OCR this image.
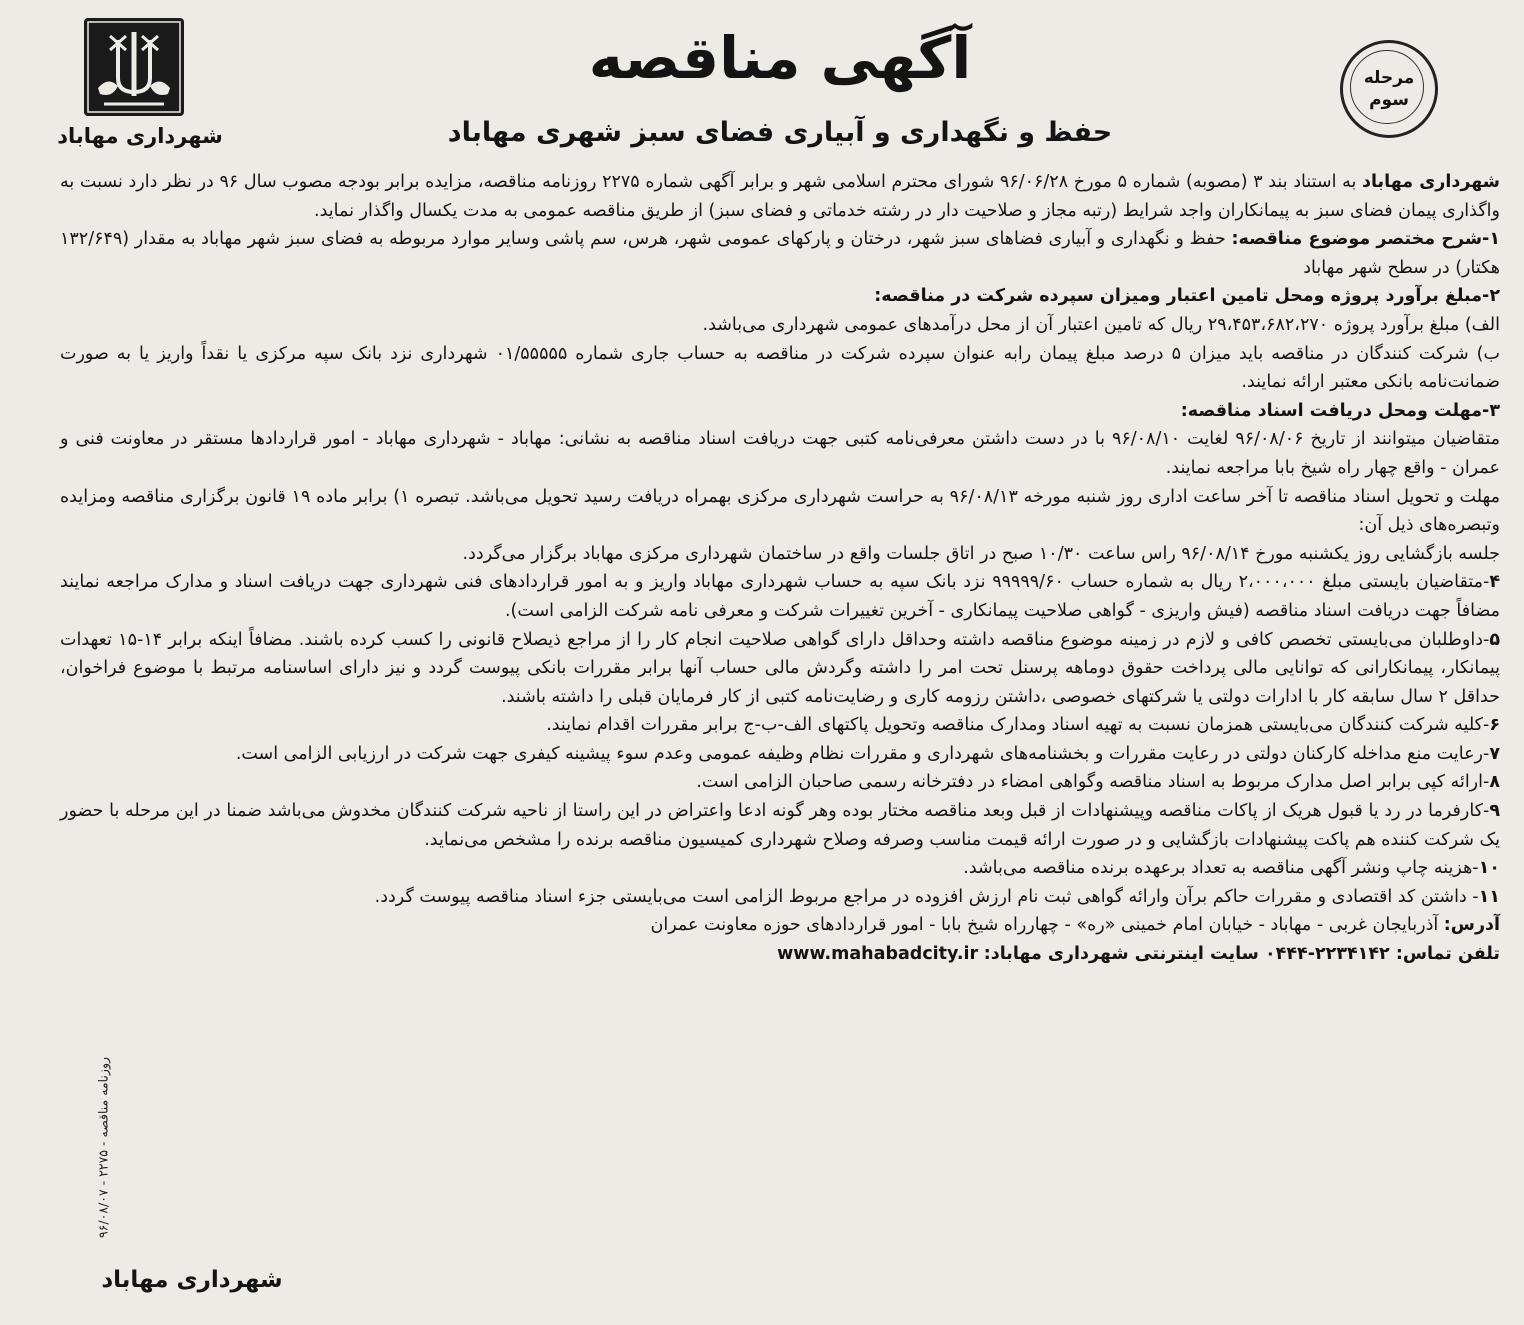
شهرداری مهاباد
مرحله
سوم
آگهی مناقصه
حفظ و نگهداری و آبیاری فضای سبز شهری مهاباد

شهرداری مهاباد به استناد بند ۳ (مصوبه) شماره ۵ مورخ ۹۶/۰۶/۲۸ شورای محترم اسلامی شهر و برابر آگهی شماره ۲۲۷۵ روزنامه مناقصه، مزایده برابر بودجه مصوب سال ۹۶ در نظر دارد نسبت به واگذاری پیمان فضای سبز به پیمانکاران واجد شرایط (رتبه مجاز و صلاحیت دار در رشته خدماتی و فضای سبز) از طریق مناقصه عمومی به مدت یکسال واگذار نماید.

۱-شرح مختصر موضوع مناقصه: حفظ و نگهداری و آبیاری فضاهای سبز شهر، درختان و پارکهای عمومی شهر، هرس، سم پاشی وسایر موارد مربوطه به فضای سبز شهر مهاباد به مقدار (۱۳۲/۶۴۹ هکتار) در سطح شهر مهاباد

۲-مبلغ برآورد پروژه ومحل تامین اعتبار ومیزان سپرده شرکت در مناقصه:

الف) مبلغ برآورد پروژه ۲۹،۴۵۳،۶۸۲،۲۷۰ ریال که تامین اعتبار آن از محل درآمدهای عمومی شهرداری می‌باشد.

ب) شرکت کنندگان در مناقصه باید میزان ۵ درصد مبلغ پیمان رابه عنوان سپرده شرکت در مناقصه به حساب جاری شماره ۰۱/۵۵۵۵۵ شهرداری نزد بانک سپه مرکزی یا نقداً واریز یا به صورت ضمانت‌نامه بانکی معتبر ارائه نمایند.

۳-مهلت ومحل دریافت اسناد مناقصه:

متقاضیان میتوانند از تاریخ ۹۶/۰۸/۰۶ لغایت ۹۶/۰۸/۱۰ با در دست داشتن معرفی‌نامه کتبی جهت دریافت اسناد مناقصه به نشانی: مهاباد - شهرداری مهاباد - امور قراردادها مستقر در معاونت فنی و عمران - واقع چهار راه شیخ بابا مراجعه نمایند.

مهلت و تحویل اسناد مناقصه تا آخر ساعت اداری روز شنبه مورخه ۹۶/۰۸/۱۳ به حراست شهرداری مرکزی بهمراه دریافت رسید تحویل می‌باشد. تبصره ۱) برابر ماده ۱۹ قانون برگزاری مناقصه ومزایده وتبصره‌های ذیل آن:

جلسه بازگشایی روز یکشنبه مورخ ۹۶/۰۸/۱۴ راس ساعت ۱۰/۳۰ صبح در اتاق جلسات واقع در ساختمان شهرداری مرکزی مهاباد برگزار می‌گردد.

۴-متقاضیان بایستی مبلغ ۲،۰۰۰،۰۰۰ ریال به شماره حساب ۹۹۹۹۹/۶۰ نزد بانک سپه به حساب شهرداری مهاباد واریز و به امور قراردادهای فنی شهرداری جهت دریافت اسناد و مدارک مراجعه نمایند مضافاً جهت دریافت اسناد مناقصه (فیش واریزی - گواهی صلاحیت پیمانکاری - آخرین تغییرات شرکت و معرفی نامه شرکت الزامی است).

۵-داوطلبان می‌بایستی تخصص کافی و لازم در زمینه موضوع مناقصه داشته وحداقل دارای گواهی صلاحیت انجام کار را از مراجع ذیصلاح قانونی را کسب کرده باشند. مضافاً اینکه برابر ۱۴-۱۵ تعهدات پیمانکار، پیمانکارانی که توانایی مالی پرداخت حقوق دوماهه پرسنل تحت امر را داشته وگردش مالی حساب آنها برابر مقررات بانکی پیوست گردد و نیز دارای اساسنامه مرتبط با موضوع فراخوان، حداقل ۲ سال سابقه کار با ادارات دولتی یا شرکتهای خصوصی ،داشتن رزومه کاری و رضایت‌نامه کتبی از کار فرمایان قبلی را داشته باشند.

۶-کلیه شرکت کنندگان می‌بایستی همزمان نسبت به تهیه اسناد ومدارک مناقصه وتحویل پاکتهای الف-ب-ج برابر مقررات اقدام نمایند.

۷-رعایت منع مداخله کارکنان دولتی در رعایت مقررات و بخشنامه‌های شهرداری و مقررات نظام وظیفه عمومی وعدم سوء پیشینه کیفری جهت شرکت در ارزیابی الزامی است.

۸-ارائه کپی برابر اصل مدارک مربوط به اسناد مناقصه وگواهی امضاء در دفترخانه رسمی صاحبان الزامی است.

۹-کارفرما در رد یا قبول هریک از پاکات مناقصه وپیشنهادات از قبل وبعد مناقصه مختار بوده وهر گونه ادعا واعتراض در این راستا از ناحیه شرکت کنندگان مخدوش می‌باشد ضمنا در این مرحله با حضور یک شرکت کننده هم پاکت پیشنهادات بازگشایی و در صورت ارائه قیمت مناسب وصرفه وصلاح شهرداری کمیسیون مناقصه برنده را مشخص می‌نماید.

۱۰-هزینه چاپ ونشر آگهی مناقصه به تعداد برعهده برنده مناقصه می‌باشد.

۱۱- داشتن کد اقتصادی و مقررات حاکم برآن وارائه گواهی ثبت نام ارزش افزوده در مراجع مربوط الزامی است می‌بایستی جزء اسناد مناقصه پیوست گردد.

آدرس: آذربایجان غربی - مهاباد - خیابان امام خمینی «ره» - چهارراه شیخ بابا - امور قراردادهای حوزه معاونت عمران

تلفن تماس: ۲۲۳۴۱۴۲-۰۴۴۴ سایت اینترنتی شهرداری مهاباد: www.mahabadcity.ir

شهرداری مهاباد
روزنامه مناقصه - ۲۲۷۵ - ۹۶/۰۸/۰۷
